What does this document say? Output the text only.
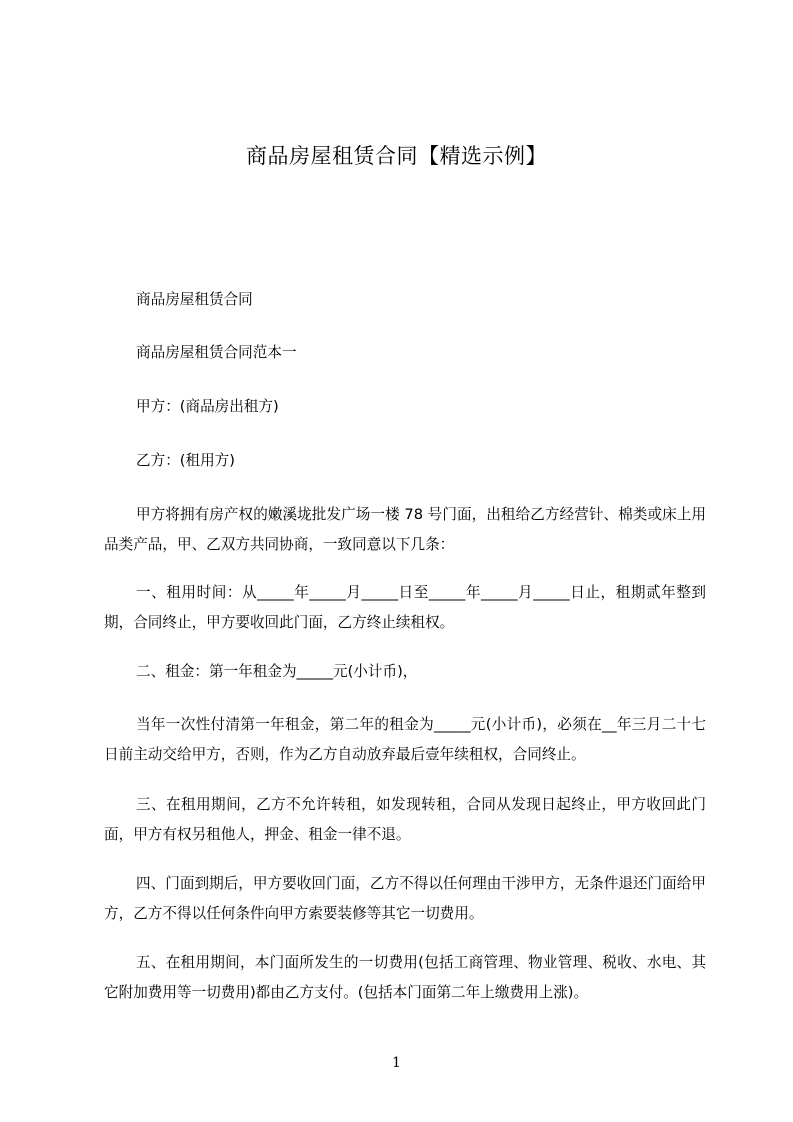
商品房屋租赁合同【精选示例】

商品房屋租赁合同

商品房屋租赁合同范本一

甲方：(商品房出租方)

乙方：(租用方)

甲方将拥有房产权的嫩溪垅批发广场一楼 78 号门面，出租给乙方经营针、棉类或床上用品类产品，甲、乙双方共同协商，一致同意以下几条：

一、租用时间：从_____年_____月_____日至_____年_____月_____日止，租期贰年整到期，合同终止，甲方要收回此门面，乙方终止续租权。

二、租金：第一年租金为_____元(小计币)，

当年一次性付清第一年租金，第二年的租金为_____元(小计币)，必须在__年三月二十七日前主动交给甲方，否则，作为乙方自动放弃最后壹年续租权，合同终止。

三、在租用期间，乙方不允许转租，如发现转租，合同从发现日起终止，甲方收回此门面，甲方有权另租他人，押金、租金一律不退。

四、门面到期后，甲方要收回门面，乙方不得以任何理由干涉甲方，无条件退还门面给甲方，乙方不得以任何条件向甲方索要装修等其它一切费用。

五、在租用期间，本门面所发生的一切费用(包括工商管理、物业管理、税收、水电、其它附加费用等一切费用)都由乙方支付。(包括本门面第二年上缴费用上涨)。

1
